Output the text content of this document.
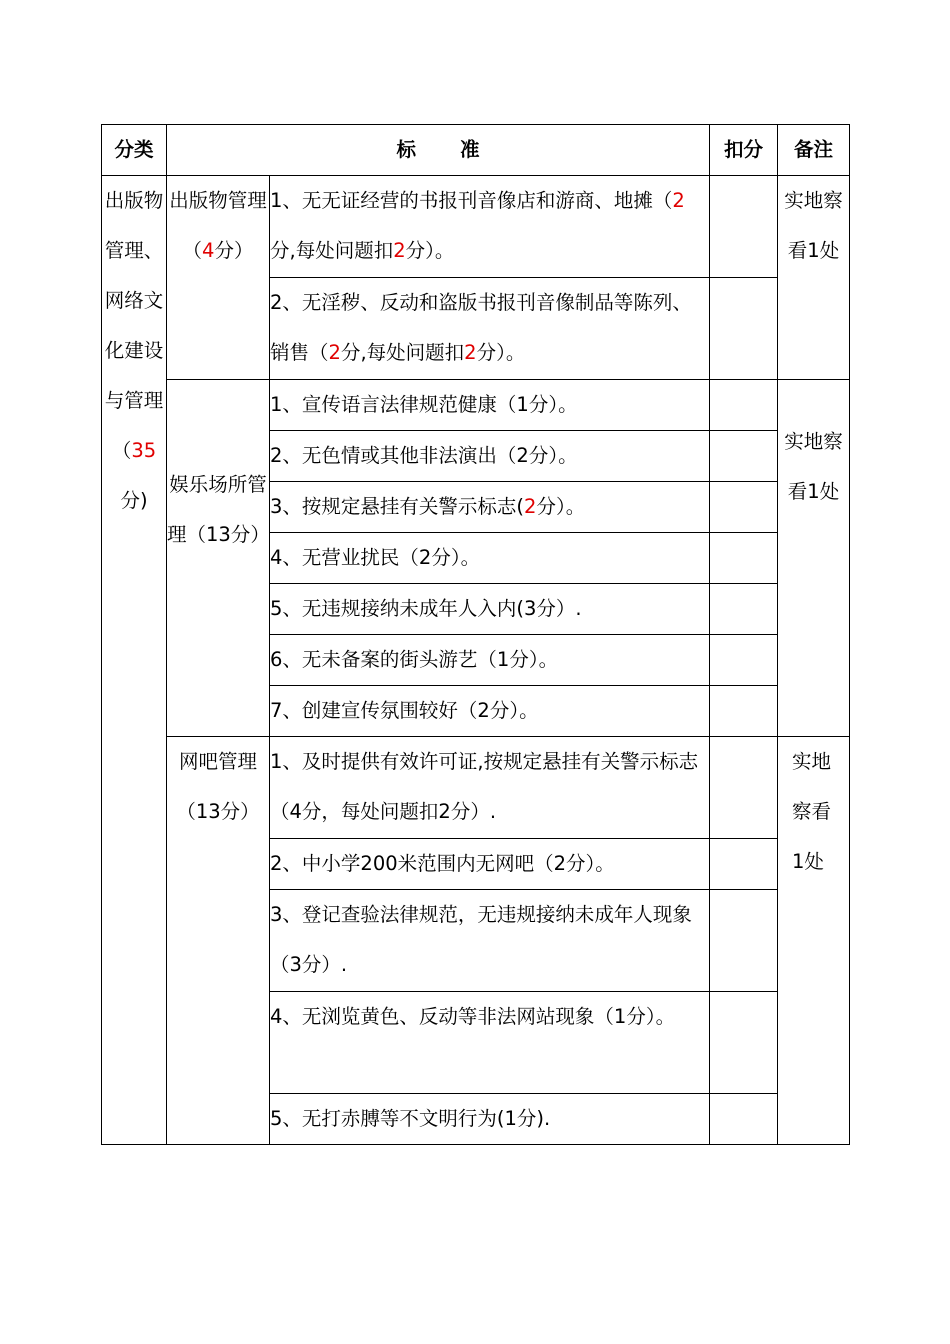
分类	标 准		扣分	备注
出版物管理、网络文化建设与管理（35分)	出版物管理（4分）	1、无无证经营的书报刊音像店和游商、地摊（2分,每处问题扣2分）。		实地察看1处
		2、无淫秽、反动和盗版书报刊音像制品等陈列、销售（2分,每处问题扣2分）。		
	娱乐场所管理（13分）	1、宣传语言法律规范健康（1分）。		实地察看1处
		2、无色情或其他非法演出（2分）。		
		3、按规定悬挂有关警示标志(2分）。		
		4、无营业扰民（2分）。		
		5、无违规接纳未成年人入内(3分）.		
		6、无未备案的街头游艺（1分）。		
		7、创建宣传氛围较好（2分）。		
	网吧管理（13分）	1、及时提供有效许可证,按规定悬挂有关警示标志（4分，每处问题扣2分）.		实地察看1处
		2、中小学200米范围内无网吧（2分）。		
		3、登记查验法律规范，无违规接纳未成年人现象（3分）.		
		4、无浏览黄色、反动等非法网站现象（1分）。		
		5、无打赤膊等不文明行为(1分).		
